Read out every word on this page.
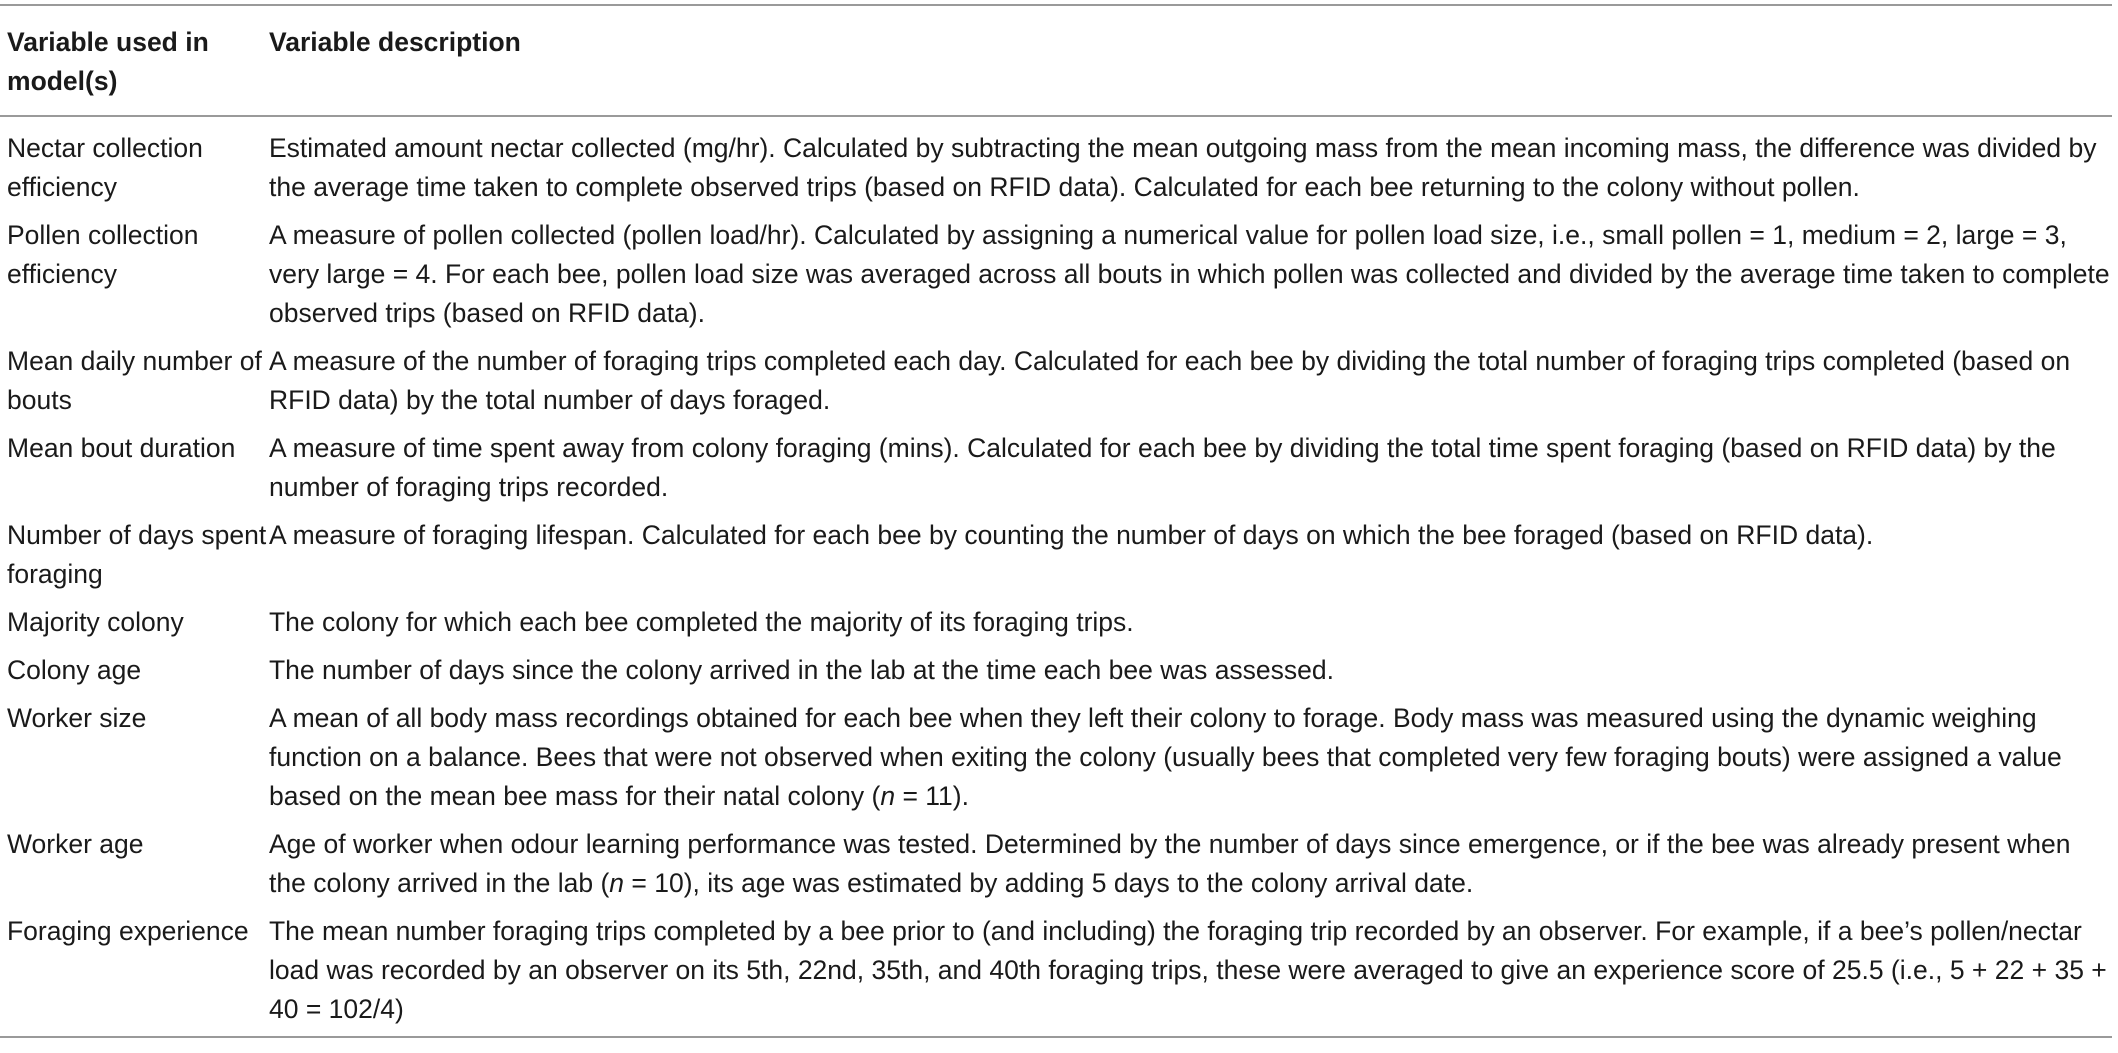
Variable used in model(s)	Variable description
Nectar collection efficiency	Estimated amount nectar collected (mg/hr). Calculated by subtracting the mean outgoing mass from the mean incoming mass, the difference was divided by the average time taken to complete observed trips (based on RFID data). Calculated for each bee returning to the colony without pollen.
Pollen collection efficiency	A measure of pollen collected (pollen load/hr). Calculated by assigning a numerical value for pollen load size, i.e., small pollen = 1, medium = 2, large = 3, very large = 4. For each bee, pollen load size was averaged across all bouts in which pollen was collected and divided by the average time taken to complete observed trips (based on RFID data).
Mean daily number of bouts	A measure of the number of foraging trips completed each day. Calculated for each bee by dividing the total number of foraging trips completed (based on RFID data) by the total number of days foraged.
Mean bout duration	A measure of time spent away from colony foraging (mins). Calculated for each bee by dividing the total time spent foraging (based on RFID data) by the number of foraging trips recorded.
Number of days spent foraging	A measure of foraging lifespan. Calculated for each bee by counting the number of days on which the bee foraged (based on RFID data).
Majority colony	The colony for which each bee completed the majority of its foraging trips.
Colony age	The number of days since the colony arrived in the lab at the time each bee was assessed.
Worker size	A mean of all body mass recordings obtained for each bee when they left their colony to forage. Body mass was measured using the dynamic weighing function on a balance. Bees that were not observed when exiting the colony (usually bees that completed very few foraging bouts) were assigned a value based on the mean bee mass for their natal colony (n = 11).
Worker age	Age of worker when odour learning performance was tested. Determined by the number of days since emergence, or if the bee was already present when the colony arrived in the lab (n = 10), its age was estimated by adding 5 days to the colony arrival date.
Foraging experience	The mean number foraging trips completed by a bee prior to (and including) the foraging trip recorded by an observer. For example, if a bee’s pollen/nectar load was recorded by an observer on its 5th, 22nd, 35th, and 40th foraging trips, these were averaged to give an experience score of 25.5 (i.e., 5 + 22 + 35 + 40 = 102/4)
